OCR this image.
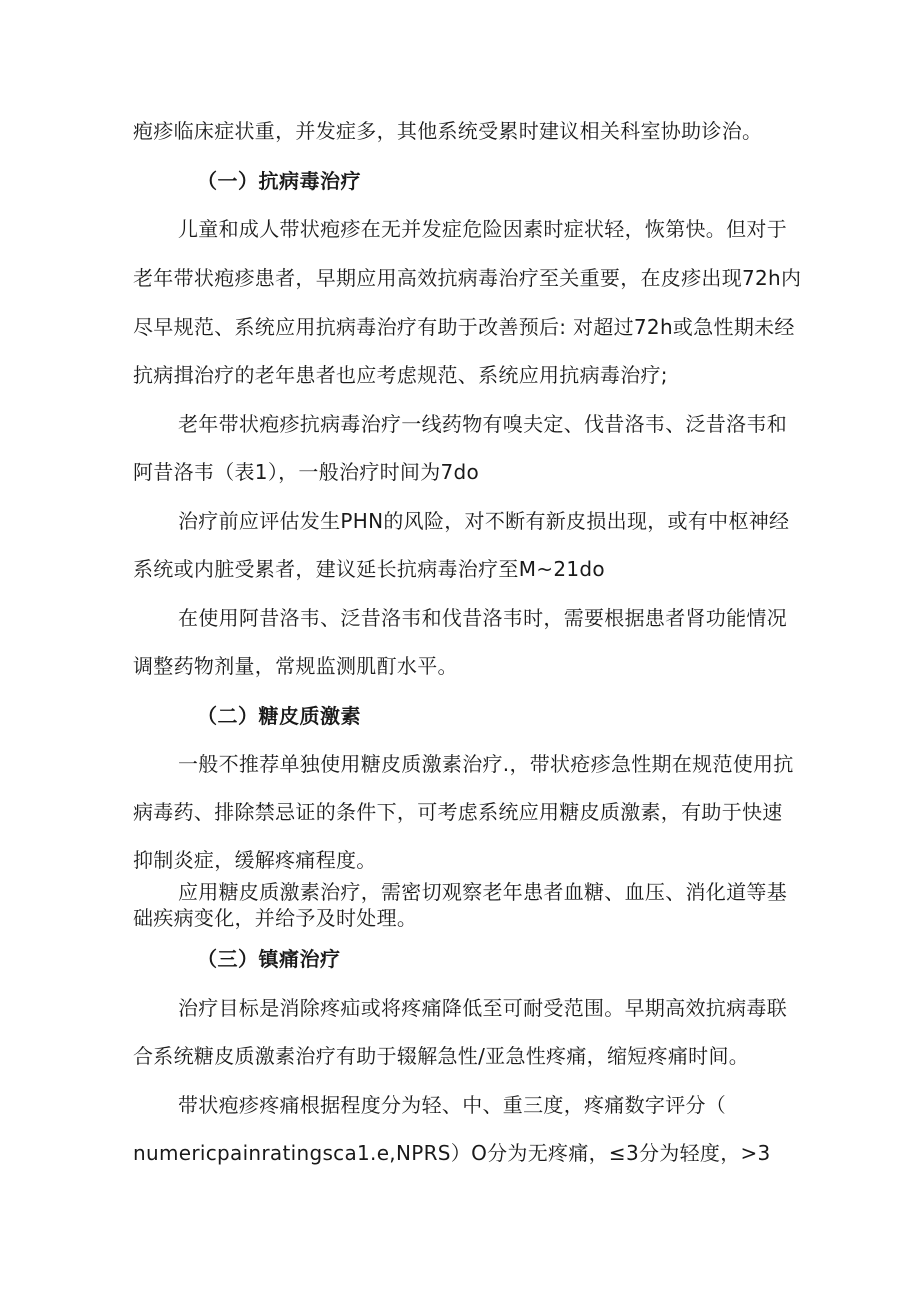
疱疹临床症状重，并发症多，其他系统受累时建议相关科室协助诊治。
（一）抗病毒治疗
儿童和成人带状疱疹在无并发症危险因素时症状轻，恢第快。但对于
老年带状疱疹患者，早期应用高效抗病毒治疗至关重要，在皮疹出现72h内
尽早规范、系统应用抗病毒治疗有助于改善预后: 对超过72h或急性期未经
抗病揖治疗的老年患者也应考虑规范、系统应用抗病毒治疗;
老年带状疱疹抗病毒治疗一线药物有嗅夫定、伐昔洛韦、泛昔洛韦和
阿昔洛韦（表1），一般治疗时间为7do
治疗前应评估发生PHN的风险，对不断有新皮损出现，或有中枢神经
系统或内脏受累者，建议延长抗病毒治疗至M~21do
在使用阿昔洛韦、泛昔洛韦和伐昔洛韦时，需要根据患者肾功能情况
调整药物剂量，常规监测肌酊水平。
（二）糖皮质激素
一般不推荐单独使用糖皮质激素治疗.，带状疮疹急性期在规范使用抗
病毒药、排除禁忌证的条件下，可考虑系统应用糖皮质激素，有助于快速
抑制炎症，缓解疼痛程度。
应用糖皮质激素治疗，需密切观察老年患者血糖、血压、消化道等基
础疾病变化，并给予及时处理。
（三）镇痛治疗
治疗目标是消除疼疝或将疼痛降低至可耐受范围。早期高效抗病毒联
合系统糖皮质激素治疗有助于辍解急性/亚急性疼痛，缩短疼痛时间。
带状疱疹疼痛根据程度分为轻、中、重三度，疼痛数字评分（
numericpainratingsca1.e,NPRS）O分为无疼痛，≤3分为轻度，>3
